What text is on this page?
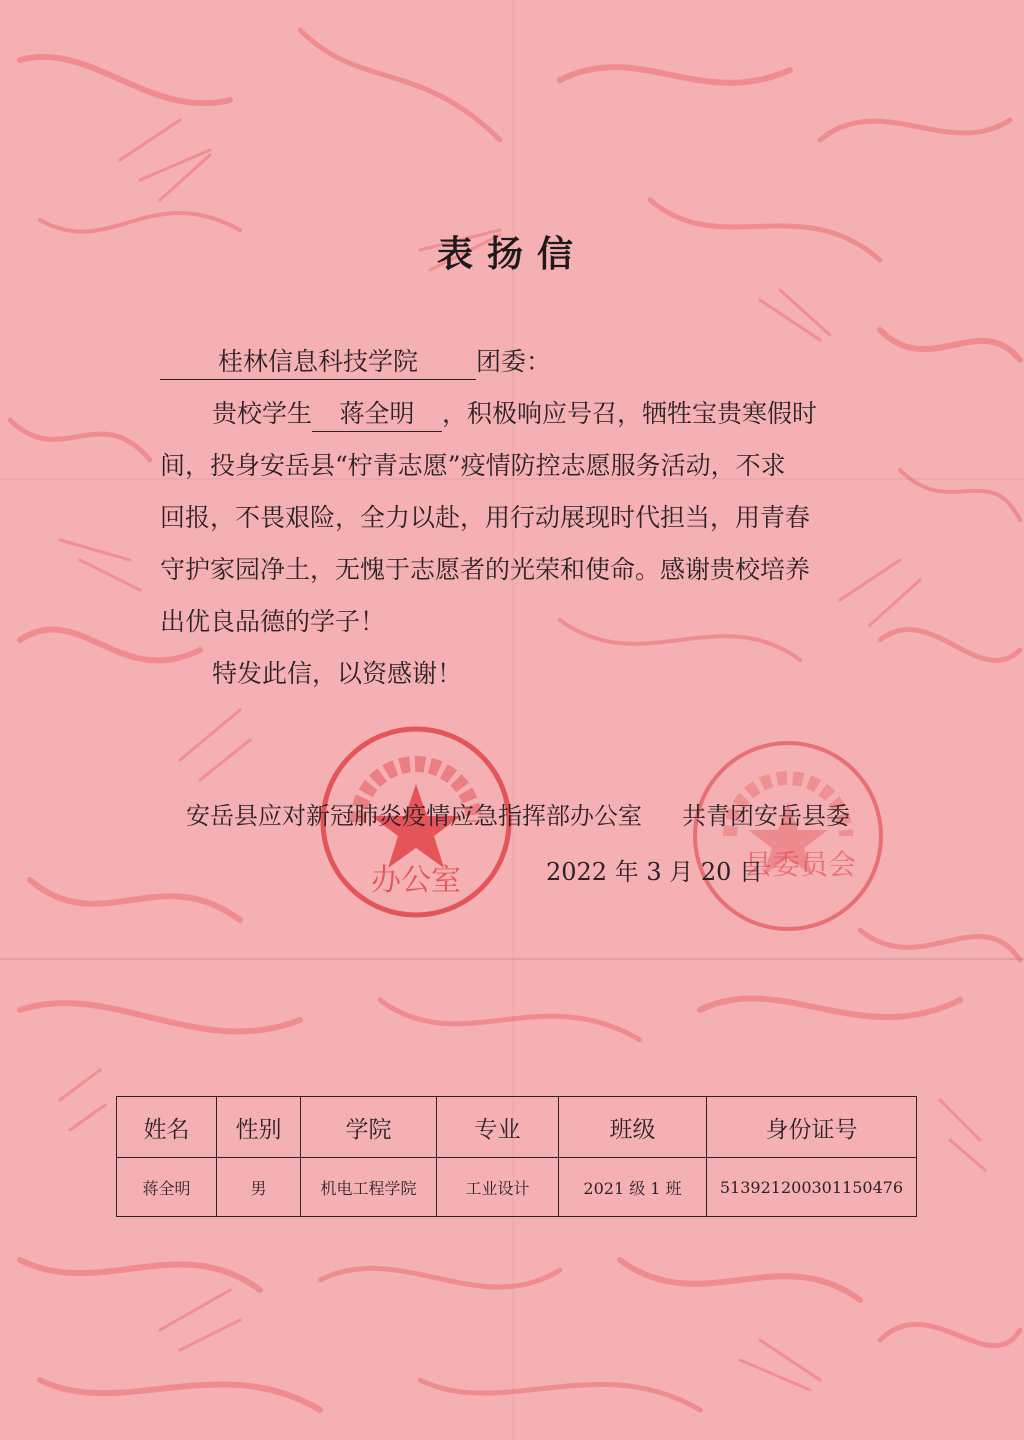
表扬信
桂林信息科技学院 团委：
贵校学生 蒋全明 ，积极响应号召，牺牲宝贵寒假时
间，投身安岳县“柠青志愿”疫情防控志愿服务活动，不求
回报，不畏艰险，全力以赴，用行动展现时代担当，用青春
守护家园净土，无愧于志愿者的光荣和使命。感谢贵校培养
出优良品德的学子！
特发此信，以资感谢！
办公室	县委员会
安岳县应对新冠肺炎疫情应急指挥部办公室 共青团安岳县委
2022 年 3 月 20 日
姓名	性别	学院	专业	班级	身份证号
蒋全明	男	机电工程学院	工业设计	2021 级 1 班	513921200301150476
